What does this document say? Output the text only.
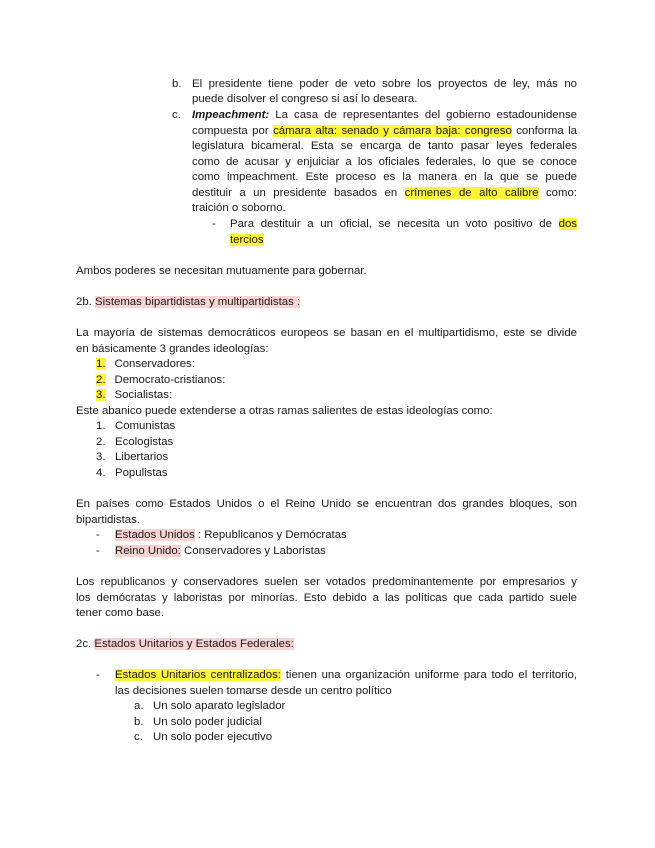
b. El presidente tiene poder de veto sobre los proyectos de ley, más no
puede disolver el congreso si así lo deseara.
c. Impeachment: La casa de representantes del gobierno estadounidense
compuesta por cámara alta: senado y cámara baja: congreso conforma la
legislatura bicameral. Esta se encarga de tanto pasar leyes federales
como de acusar y enjuiciar a los oficiales federales, lo que se conoce
como impeachment. Este proceso es la manera en la que se puede
destituir a un presidente basados en crímenes de alto calibre como:
traición o soborno.
- Para destituir a un oficial, se necesita un voto positivo de dos
tercios
Ambos poderes se necesitan mutuamente para gobernar.
2b. Sistemas bipartidistas y multipartidistas :
La mayoría de sistemas democráticos europeos se basan en el multipartidismo, este se divide
en básicamente 3 grandes ideologías:
1. Conservadores:
2. Democrato-cristianos:
3. Socialistas:
Este abanico puede extenderse a otras ramas salientes de estas ideologías como:
1. Comunistas
2. Ecologistas
3. Libertarios
4. Populistas
En países como Estados Unidos o el Reino Unido se encuentran dos grandes bloques, son
bipartidistas.
- Estados Unidos : Republicanos y Demócratas
- Reino Unido: Conservadores y Laboristas
Los republicanos y conservadores suelen ser votados predominantemente por empresarios y
los demócratas y laboristas por minorías. Esto debido a las políticas que cada partido suele
tener como base.
2c. Estados Unitarios y Estados Federales:
- Estados Unitarios centralizados: tienen una organización uniforme para todo el territorio,
las decisiones suelen tomarse desde un centro político
a. Un solo aparato legislador
b. Un solo poder judicial
c. Un solo poder ejecutivo
